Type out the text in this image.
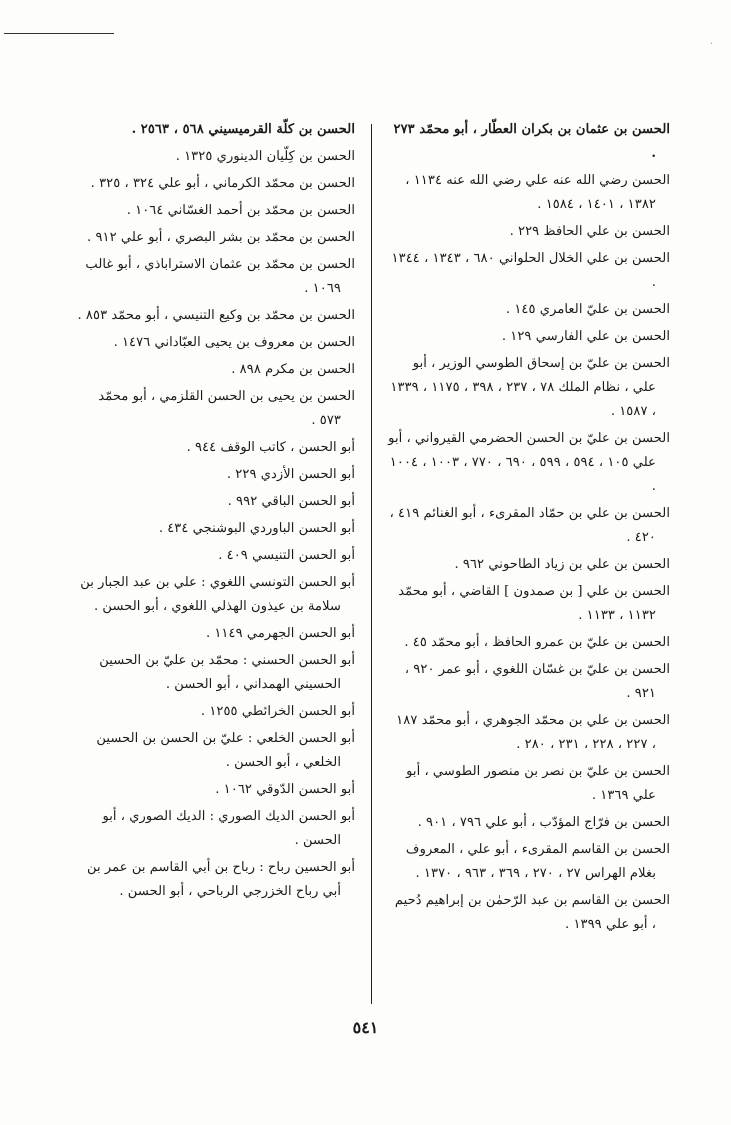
.

الحسن بن عثمان بن بكران العطّار ، أبو محمّد ٢٧٣ .

الحسن رضي الله عنه علي رضي الله عنه ١١٣٤ ، ١٣٨٢ ، ١٤٠١ ، ١٥٨٤ .

الحسن بن علي الحافظ ٢٢٩ .

الحسن بن علي الخلال الحلواني ٦٨٠ ، ١٣٤٣ ، ١٣٤٤ .

الحسن بن عليّ العامري ١٤٥ .

الحسن بن علي الفارسي ١٢٩ .

الحسن بن عليّ بن إسحاق الطوسي الوزير ، أبو علي ، نظام الملك ٧٨ ، ٢٣٧ ، ٣٩٨ ، ١١٧٥ ، ١٣٣٩ ، ١٥٨٧ .

الحسن بن عليّ بن الحسن الحضرمي القيرواني ، أبو علي ١٠٥ ، ٥٩٤ ، ٥٩٩ ، ٦٩٠ ، ٧٧٠ ، ١٠٠٣ ، ١٠٠٤ .

الحسن بن علي بن حمّاد المقرىء ، أبو الغنائم ٤١٩ ، ٤٢٠ .

الحسن بن علي بن زياد الطاحوني ٩٦٢ .

الحسن بن علي [ بن صمدون ] القاضي ، أبو محمّد ١١٣٢ ، ١١٣٣ .

الحسن بن عليّ بن عمرو الحافظ ، أبو محمّد ٤٥ .

الحسن بن عليّ بن غسّان اللغوي ، أبو عمر ٩٢٠ ، ٩٢١ .

الحسن بن علي بن محمّد الجوهري ، أبو محمّد ١٨٧ ، ٢٢٧ ، ٢٢٨ ، ٢٣١ ، ٢٨٠ .

الحسن بن عليّ بن نصر بن منصور الطوسي ، أبو علي ١٣٦٩ .

الحسن بن فرّاج المؤدّب ، أبو علي ٧٩٦ ، ٩٠١ .

الحسن بن القاسم المقرىء ، أبو علي ، المعروف بغلام الهراس ٢٧ ، ٢٧٠ ، ٣٦٩ ، ٩٦٣ ، ١٣٧٠ .

الحسن بن القاسم بن عبد الرّحمٰن بن إبراهيم دُحيم ، أبو علي ١٣٩٩ .

الحسن بن كلّة القرميسيني ٥٦٨ ، ٢٥٦٣ .

الحسن بن كِلّيان الدينوري ١٣٢٥ .

الحسن بن محمّد الكرماني ، أبو علي ٣٢٤ ، ٣٢٥ .

الحسن بن محمّد بن أحمد الغسّاني ١٠٦٤ .

الحسن بن محمّد بن بشر البصري ، أبو علي ٩١٢ .

الحسن بن محمّد بن عثمان الاستراباذي ، أبو غالب ١٠٦٩ .

الحسن بن محمّد بن وكيع التنيسي ، أبو محمّد ٨٥٣ .

الحسن بن معروف بن يحيى العبّاداني ١٤٧٦ .

الحسن بن مكرم ٨٩٨ .

الحسن بن يحيى بن الحسن القلزمي ، أبو محمّد ٥٧٣ .

أبو الحسن ، كاتب الوقف ٩٤٤ .

أبو الحسن الأزدي ٢٢٩ .

أبو الحسن الباقي ٩٩٢ .

أبو الحسن الباوردي البوشنجي ٤٣٤ .

أبو الحسن التنيسي ٤٠٩ .

أبو الحسن التونسي اللغوي : علي بن عبد الجبار بن سلامة بن عيذون الهذلي اللغوي ، أبو الحسن .

أبو الحسن الجهرمي ١١٤٩ .

أبو الحسن الحسني : محمّد بن عليّ بن الحسين الحسيني الهمداني ، أبو الحسن .

أبو الحسن الخرائطي ١٢٥٥ .

أبو الحسن الخلعي : عليّ بن الحسن بن الحسين الخلعي ، أبو الحسن .

أبو الحسن الدّوقي ١٠٦٢ .

أبو الحسن الديك الصوري : الديك الصوري ، أبو الحسن .

أبو الحسين رباح : رباح بن أبي القاسم بن عمر بن أبي رباح الخزرجي الرباحي ، أبو الحسن .

٥٤١
